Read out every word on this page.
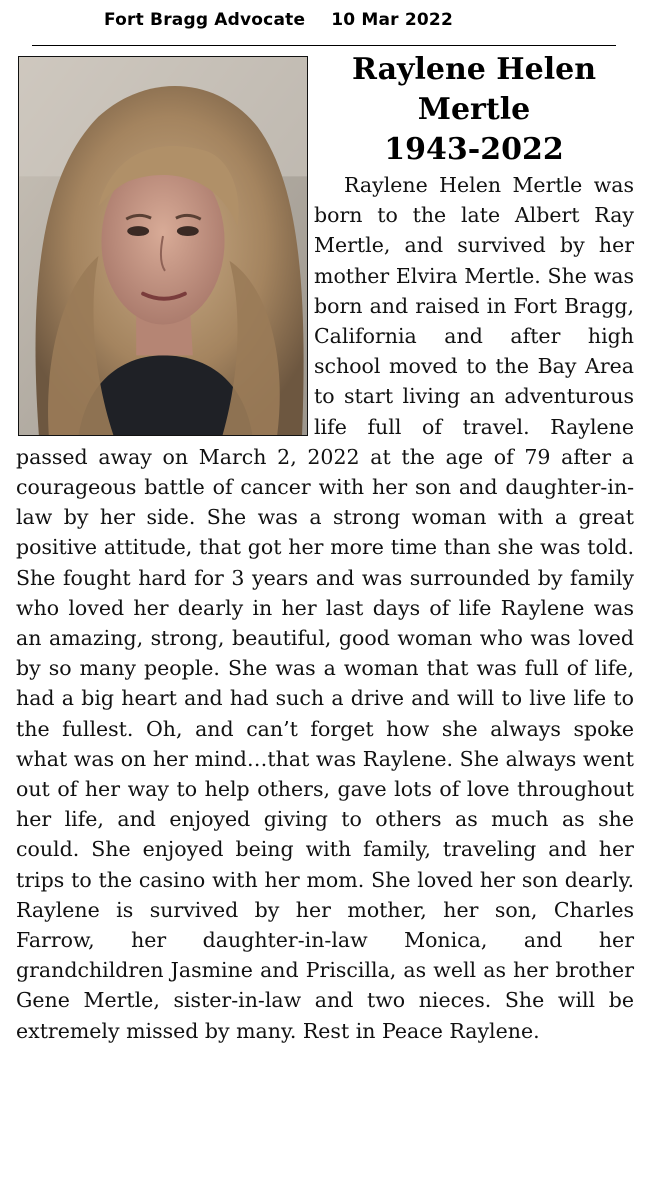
Fort Bragg Advocate 10 Mar 2022
Raylene Helen
Mertle
1943-2022

Raylene Helen Mertle was born to the late Albert Ray Mertle, and survived by her mother Elvira Mertle. She was born and raised in Fort Bragg, California and after high school moved to the Bay Area to start living an adventurous life full of travel. Raylene passed away on March 2, 2022 at the age of 79 after a courageous battle of cancer with her son and daughter-in-law by her side. She was a strong woman with a great positive attitude, that got her more time than she was told. She fought hard for 3 years and was surrounded by family who loved her dearly in her last days of life Raylene was an amazing, strong, beautiful, good woman who was loved by so many people. She was a woman that was full of life, had a big heart and had such a drive and will to live life to the fullest. Oh, and can’t forget how she always spoke what was on her mind…that was Raylene. She always went out of her way to help others, gave lots of love throughout her life, and enjoyed giving to others as much as she could. She enjoyed being with family, traveling and her trips to the casino with her mom. She loved her son dearly. Raylene is survived by her mother, her son, Charles Farrow, her daughter-in-law Monica, and her grandchildren Jasmine and Priscilla, as well as her brother Gene Mertle, sister-in-law and two nieces. She will be extremely missed by many. Rest in Peace Raylene.
